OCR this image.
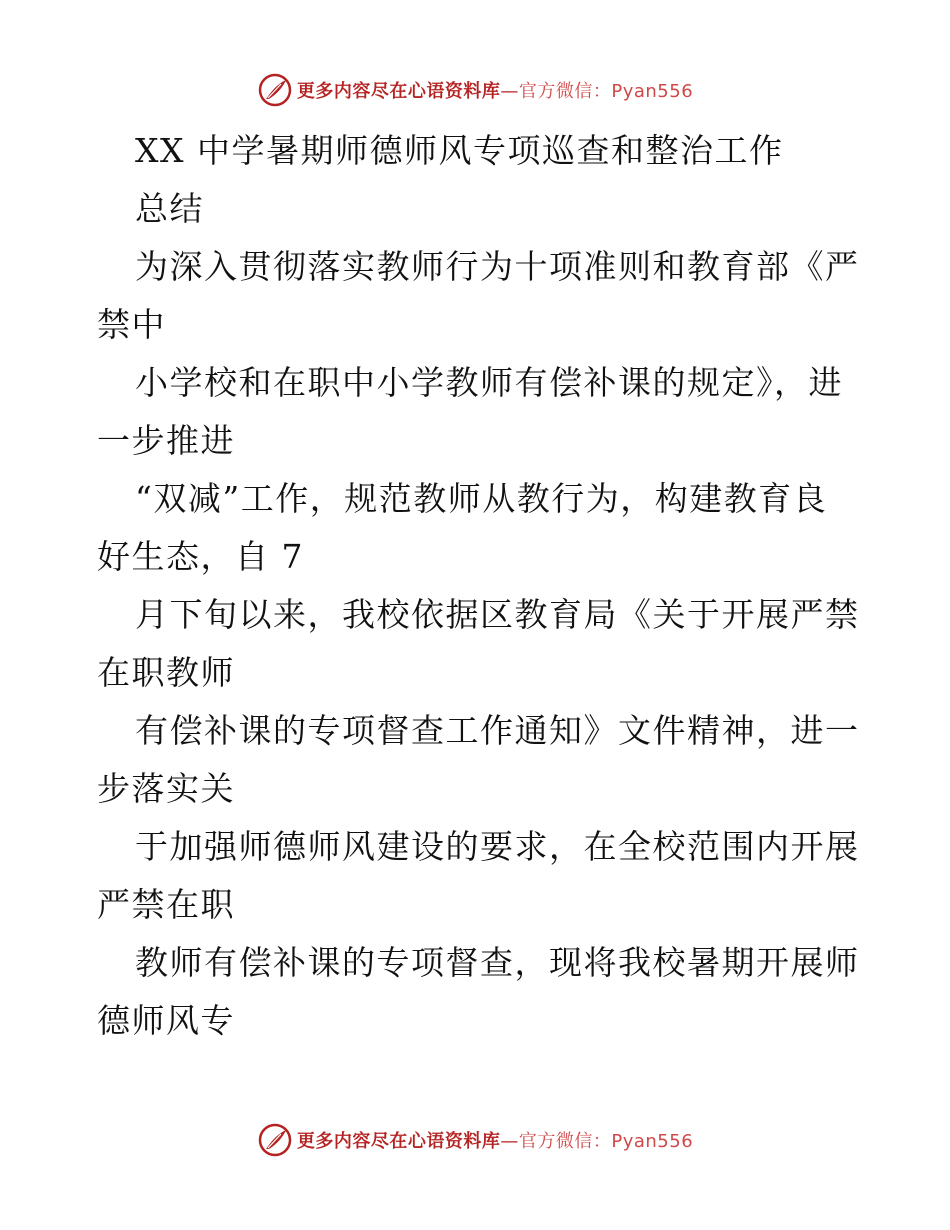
更多内容尽在心语资料库—官方微信：Pyan556
XX 中学暑期师德师风专项巡查和整治工作
总结
为深入贯彻落实教师行为十项准则和教育部《严
禁中
小学校和在职中小学教师有偿补课的规定》，进
一步推进
“双减”工作，规范教师从教行为，构建教育良
好生态，自 7
月下旬以来，我校依据区教育局《关于开展严禁
在职教师
有偿补课的专项督查工作通知》文件精神，进一
步落实关
于加强师德师风建设的要求，在全校范围内开展
严禁在职
教师有偿补课的专项督查，现将我校暑期开展师
德师风专
更多内容尽在心语资料库—官方微信：Pyan556
